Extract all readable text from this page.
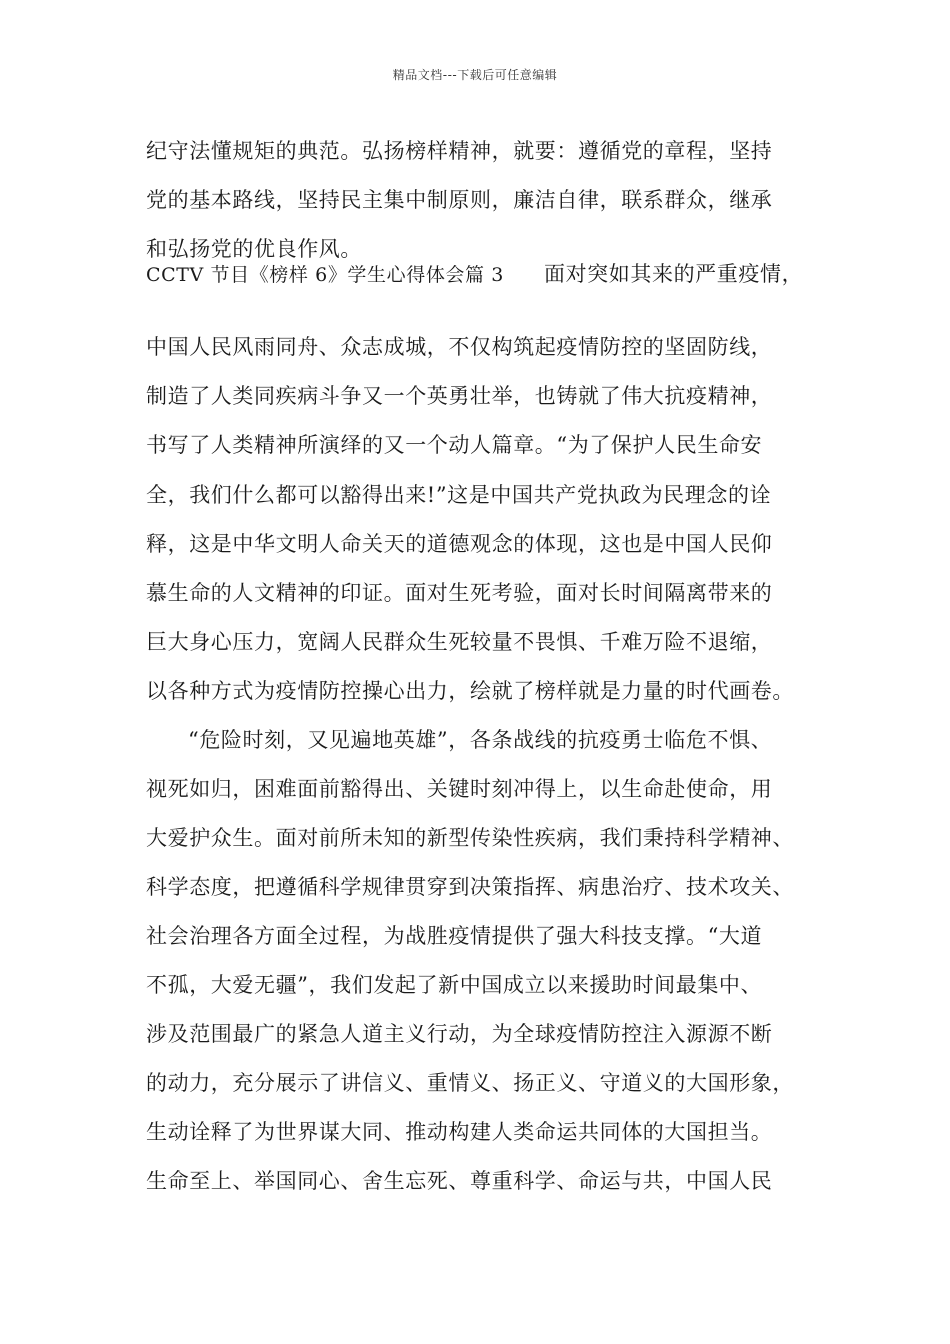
精品文档---下载后可任意编辑
纪守法懂规矩的典范。弘扬榜样精神，就要：遵循党的章程，坚持
党的基本路线，坚持民主集中制原则，廉洁自律，联系群众，继承
和弘扬党的优良作风。
CCTV 节目《榜样 6》学生心得体会篇 3 面对突如其来的严重疫情，
中国人民风雨同舟、众志成城，不仅构筑起疫情防控的坚固防线，
制造了人类同疾病斗争又一个英勇壮举，也铸就了伟大抗疫精神，
书写了人类精神所演绎的又一个动人篇章。“为了保护人民生命安
全，我们什么都可以豁得出来!”这是中国共产党执政为民理念的诠
释，这是中华文明人命关天的道德观念的体现，这也是中国人民仰
慕生命的人文精神的印证。面对生死考验，面对长时间隔离带来的
巨大身心压力，宽阔人民群众生死较量不畏惧、千难万险不退缩，
以各种方式为疫情防控操心出力，绘就了榜样就是力量的时代画卷。
“危险时刻，又见遍地英雄”，各条战线的抗疫勇士临危不惧、
视死如归，困难面前豁得出、关键时刻冲得上，以生命赴使命，用
大爱护众生。面对前所未知的新型传染性疾病，我们秉持科学精神、
科学态度，把遵循科学规律贯穿到决策指挥、病患治疗、技术攻关、
社会治理各方面全过程，为战胜疫情提供了强大科技支撑。“大道
不孤，大爱无疆”，我们发起了新中国成立以来援助时间最集中、
涉及范围最广的紧急人道主义行动，为全球疫情防控注入源源不断
的动力，充分展示了讲信义、重情义、扬正义、守道义的大国形象，
生动诠释了为世界谋大同、推动构建人类命运共同体的大国担当。
生命至上、举国同心、舍生忘死、尊重科学、命运与共，中国人民
